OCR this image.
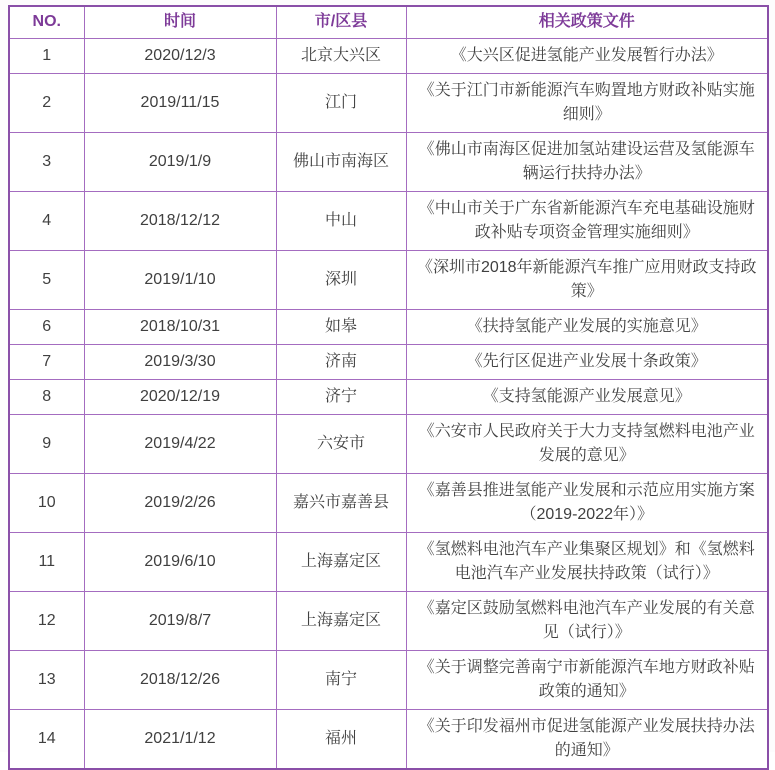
NO.	时间	市/区县	相关政策文件
1	2020/12/3	北京大兴区	《大兴区促进氢能产业发展暂行办法》
2	2019/11/15	江门	《关于江门市新能源汽车购置地方财政补贴实施细则》
3	2019/1/9	佛山市南海区	《佛山市南海区促进加氢站建设运营及氢能源车辆运行扶持办法》
4	2018/12/12	中山	《中山市关于广东省新能源汽车充电基础设施财政补贴专项资金管理实施细则》
5	2019/1/10	深圳	《深圳市2018年新能源汽车推广应用财政支持政策》
6	2018/10/31	如皋	《扶持氢能产业发展的实施意见》
7	2019/3/30	济南	《先行区促进产业发展十条政策》
8	2020/12/19	济宁	《支持氢能源产业发展意见》
9	2019/4/22	六安市	《六安市人民政府关于大力支持氢燃料电池产业发展的意见》
10	2019/2/26	嘉兴市嘉善县	《嘉善县推进氢能产业发展和示范应用实施方案（2019-2022年）》
11	2019/6/10	上海嘉定区	《氢燃料电池汽车产业集聚区规划》和《氢燃料电池汽车产业发展扶持政策（试行）》
12	2019/8/7	上海嘉定区	《嘉定区鼓励氢燃料电池汽车产业发展的有关意见（试行）》
13	2018/12/26	南宁	《关于调整完善南宁市新能源汽车地方财政补贴政策的通知》
14	2021/1/12	福州	《关于印发福州市促进氢能源产业发展扶持办法的通知》
